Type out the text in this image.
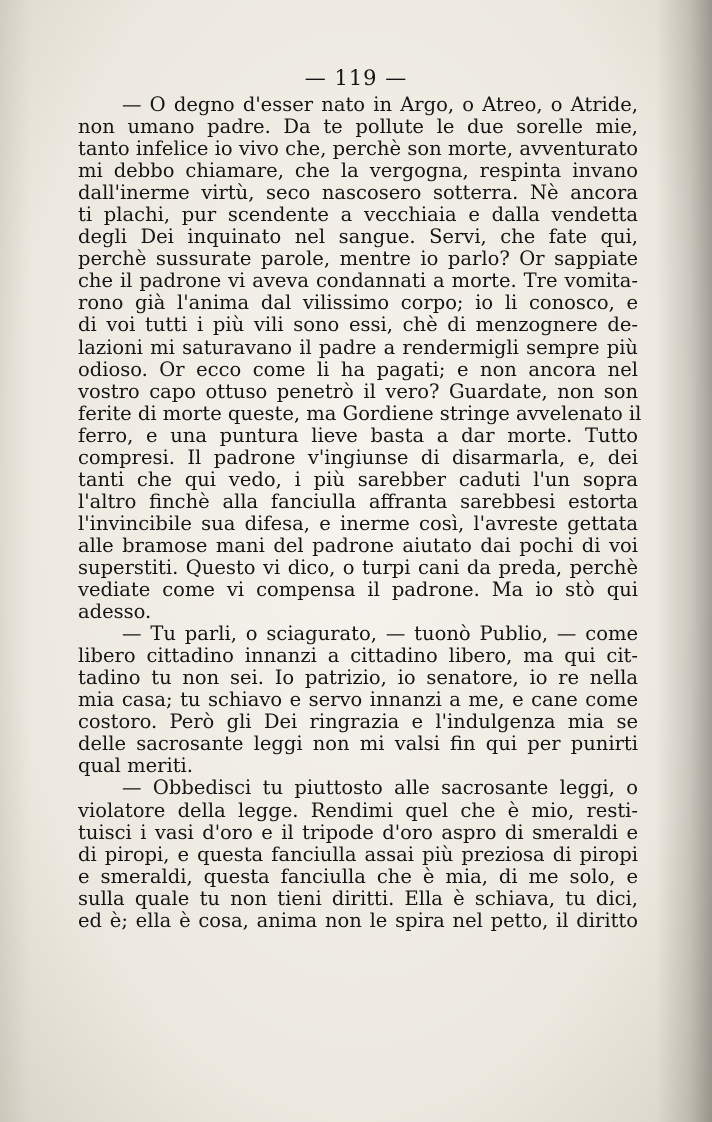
— 119 —
— O degno d'esser nato in Argo, o Atreo, o Atride,
non umano padre. Da te pollute le due sorelle mie,
tanto infelice io vivo che, perchè son morte, avventurato
mi debbo chiamare, che la vergogna, respinta invano
dall'inerme virtù, seco nascosero sotterra. Nè ancora
ti plachi, pur scendente a vecchiaia e dalla vendetta
degli Dei inquinato nel sangue. Servi, che fate qui,
perchè sussurate parole, mentre io parlo? Or sappiate
che il padrone vi aveva condannati a morte. Tre vomita-
rono già l'anima dal vilissimo corpo; io li conosco, e
di voi tutti i più vili sono essi, chè di menzognere de-
lazioni mi saturavano il padre a rendermigli sempre più
odioso. Or ecco come li ha pagati; e non ancora nel
vostro capo ottuso penetrò il vero? Guardate, non son
ferite di morte queste, ma Gordiene stringe avvelenato il
ferro, e una puntura lieve basta a dar morte. Tutto
compresi. Il padrone v'ingiunse di disarmarla, e, dei
tanti che qui vedo, i più sarebber caduti l'un sopra
l'altro finchè alla fanciulla affranta sarebbesi estorta
l'invincibile sua difesa, e inerme così, l'avreste gettata
alle bramose mani del padrone aiutato dai pochi di voi
superstiti. Questo vi dico, o turpi cani da preda, perchè
vediate come vi compensa il padrone. Ma io stò qui
adesso.
— Tu parli, o sciagurato, — tuonò Publio, — come
libero cittadino innanzi a cittadino libero, ma qui cit-
tadino tu non sei. Io patrizio, io senatore, io re nella
mia casa; tu schiavo e servo innanzi a me, e cane come
costoro. Però gli Dei ringrazia e l'indulgenza mia se
delle sacrosante leggi non mi valsi fin qui per punirti
qual meriti.
— Obbedisci tu piuttosto alle sacrosante leggi, o
violatore della legge. Rendimi quel che è mio, resti-
tuisci i vasi d'oro e il tripode d'oro aspro di smeraldi e
di piropi, e questa fanciulla assai più preziosa di piropi
e smeraldi, questa fanciulla che è mia, di me solo, e
sulla quale tu non tieni diritti. Ella è schiava, tu dici,
ed è; ella è cosa, anima non le spira nel petto, il diritto
